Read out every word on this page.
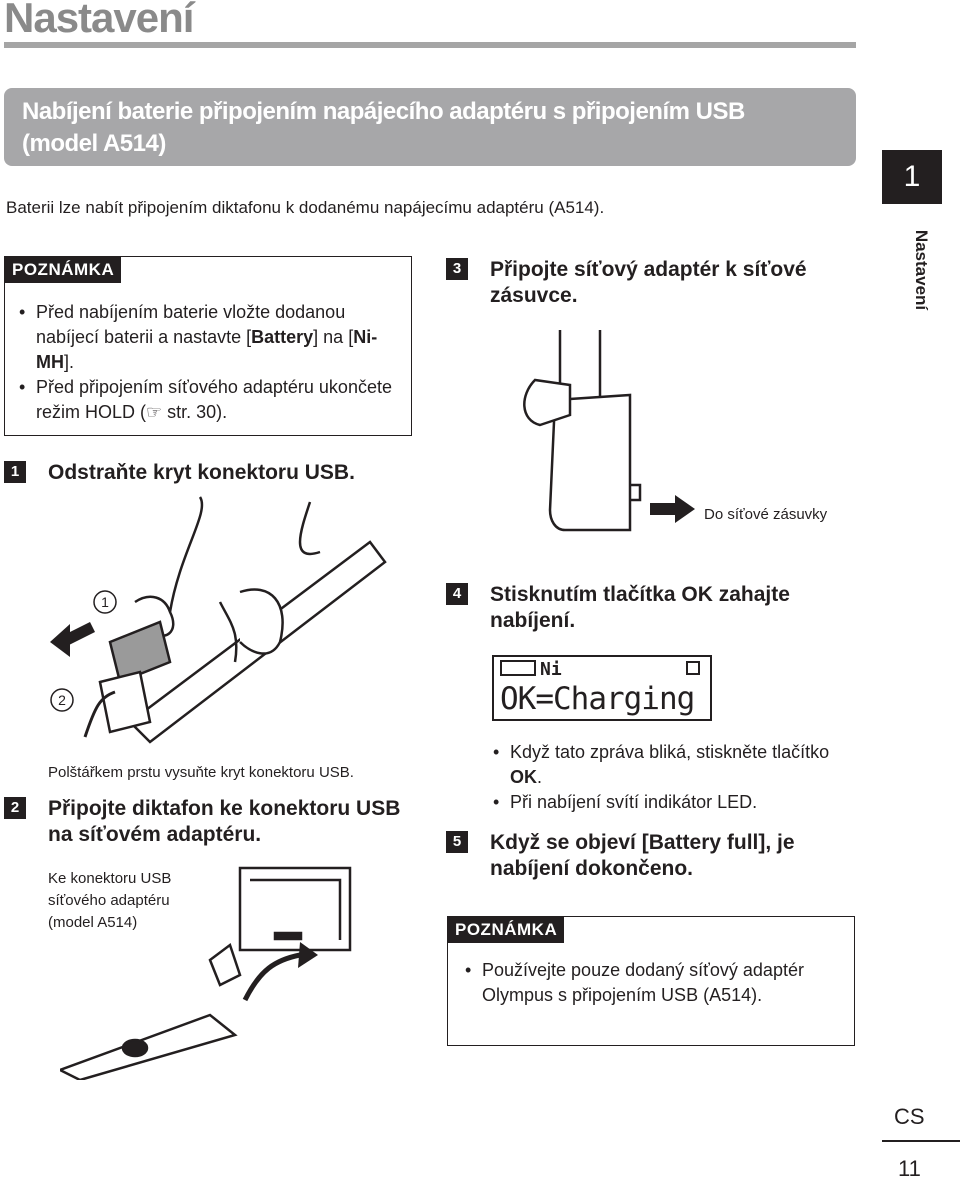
Nastavení
Nabíjení baterie připojením napájecího adaptéru s připojením USB (model A514)
Baterii lze nabít připojením diktafonu k dodanému napájecímu adaptéru (A514).
POZNÁMKA
• Před nabíjením baterie vložte dodanou nabíjecí baterii a nastavte [Battery] na [Ni-MH].
• Před připojením síťového adaptéru ukončete režim HOLD (☞ str. 30).
1	Odstraňte kryt konektoru USB.
1
2
Polštářkem prstu vysuňte kryt konektoru USB.
2	Připojte diktafon ke konektoru USB na síťovém adaptéru.
Ke konektoru USB síťového adaptéru (model A514)
3	Připojte síťový adaptér k síťové zásuvce.
Do síťové zásuvky
4	Stisknutím tlačítka OK zahajte nabíjení.
Ni
OK=Charging
• Když tato zpráva bliká, stiskněte tlačítko OK.
• Při nabíjení svítí indikátor LED.
5	Když se objeví [Battery full], je nabíjení dokončeno.
POZNÁMKA
• Používejte pouze dodaný síťový adaptér Olympus s připojením USB (A514).
1
Nastavení
CS
11
